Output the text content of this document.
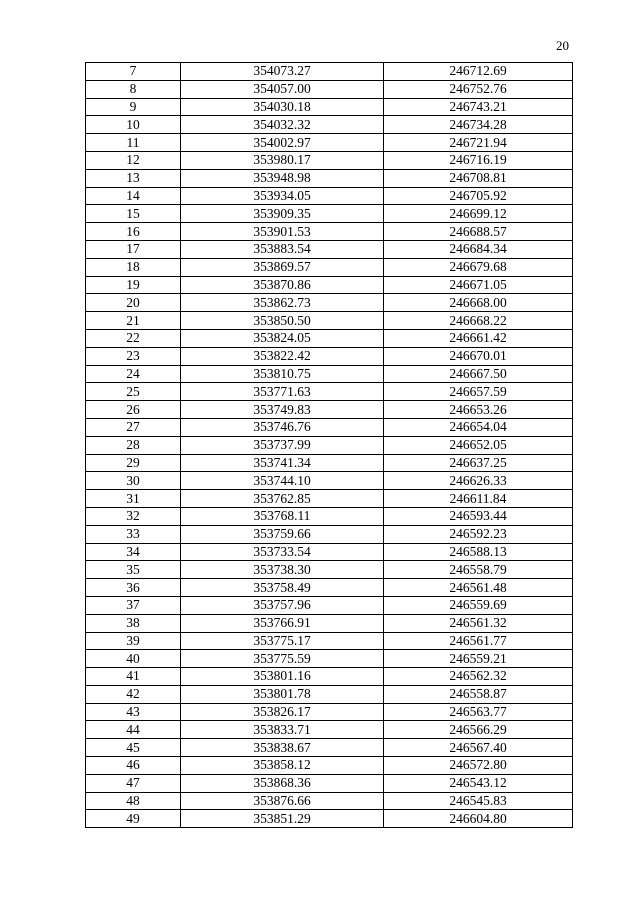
20
7	354073.27	246712.69
8	354057.00	246752.76
9	354030.18	246743.21
10	354032.32	246734.28
11	354002.97	246721.94
12	353980.17	246716.19
13	353948.98	246708.81
14	353934.05	246705.92
15	353909.35	246699.12
16	353901.53	246688.57
17	353883.54	246684.34
18	353869.57	246679.68
19	353870.86	246671.05
20	353862.73	246668.00
21	353850.50	246668.22
22	353824.05	246661.42
23	353822.42	246670.01
24	353810.75	246667.50
25	353771.63	246657.59
26	353749.83	246653.26
27	353746.76	246654.04
28	353737.99	246652.05
29	353741.34	246637.25
30	353744.10	246626.33
31	353762.85	246611.84
32	353768.11	246593.44
33	353759.66	246592.23
34	353733.54	246588.13
35	353738.30	246558.79
36	353758.49	246561.48
37	353757.96	246559.69
38	353766.91	246561.32
39	353775.17	246561.77
40	353775.59	246559.21
41	353801.16	246562.32
42	353801.78	246558.87
43	353826.17	246563.77
44	353833.71	246566.29
45	353838.67	246567.40
46	353858.12	246572.80
47	353868.36	246543.12
48	353876.66	246545.83
49	353851.29	246604.80
